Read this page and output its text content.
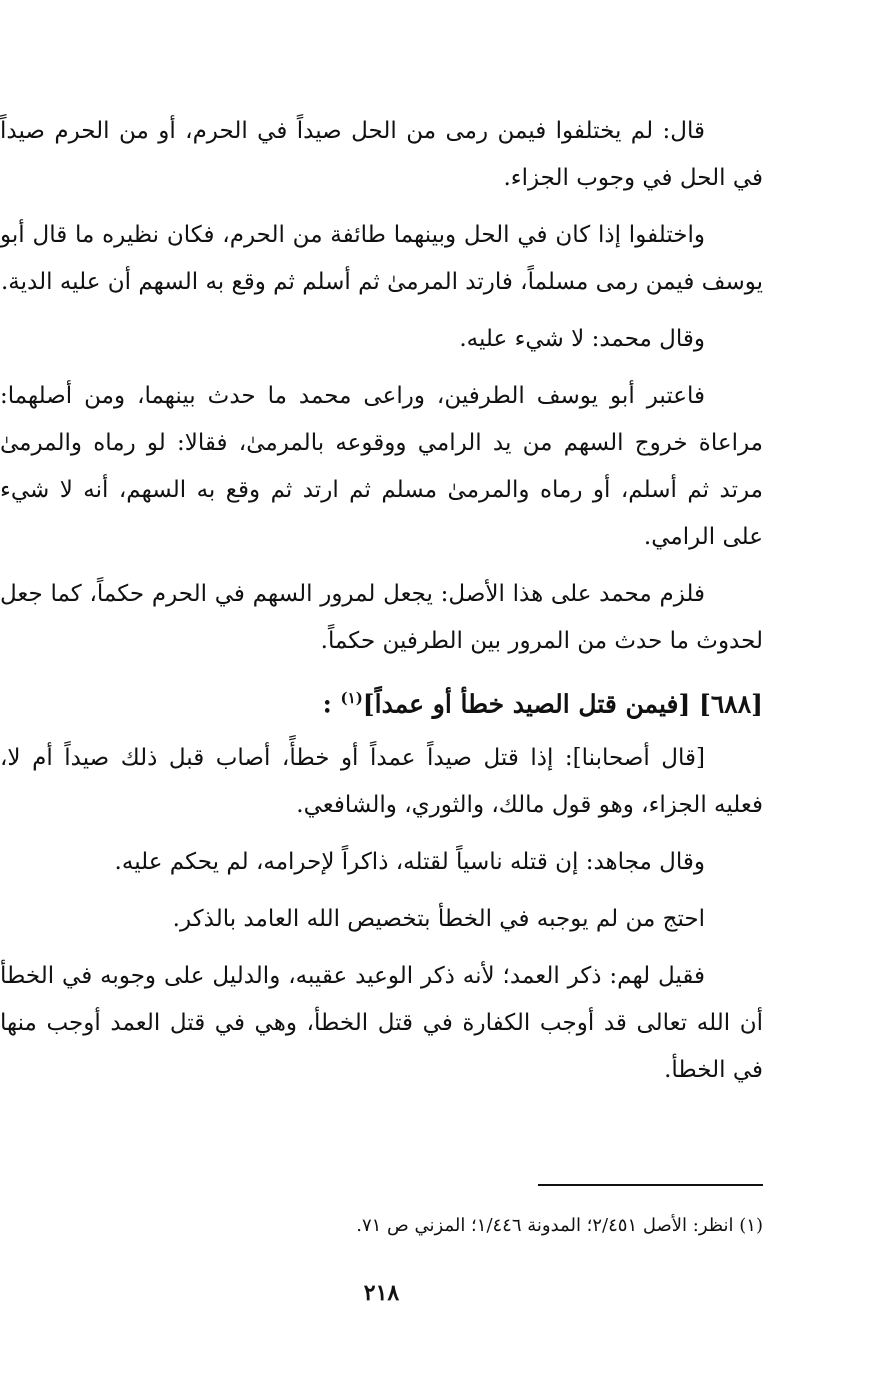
قال: لم يختلفوا فيمن رمى من الحل صيداً في الحرم، أو من الحرم صيداً في الحل في وجوب الجزاء.

واختلفوا إذا كان في الحل وبينهما طائفة من الحرم، فكان نظيره ما قال أبو يوسف فيمن رمى مسلماً، فارتد المرمىٰ ثم أسلم ثم وقع به السهم أن عليه الدية.

وقال محمد: لا شيء عليه.

فاعتبر أبو يوسف الطرفين، وراعى محمد ما حدث بينهما، ومن أصلهما: مراعاة خروج السهم من يد الرامي ووقوعه بالمرمىٰ، فقالا: لو رماه والمرمىٰ مرتد ثم أسلم، أو رماه والمرمىٰ مسلم ثم ارتد ثم وقع به السهم، أنه لا شيء على الرامي.

فلزم محمد على هذا الأصل: يجعل لمرور السهم في الحرم حكماً، كما جعل لحدوث ما حدث من المرور بين الطرفين حكماً.

[٦٨٨] [فيمن قتل الصيد خطأ أو عمداً]$^{(١)}$ :

[قال أصحابنا]: إذا قتل صيداً عمداً أو خطأً، أصاب قبل ذلك صيداً أم لا، فعليه الجزاء، وهو قول مالك، والثوري، والشافعي.

وقال مجاهد: إن قتله ناسياً لقتله، ذاكراً لإحرامه، لم يحكم عليه.

احتج من لم يوجبه في الخطأ بتخصيص الله العامد بالذكر.

فقيل لهم: ذكر العمد؛ لأنه ذكر الوعيد عقيبه، والدليل على وجوبه في الخطأ أن الله تعالى قد أوجب الكفارة في قتل الخطأ، وهي في قتل العمد أوجب منها في الخطأ.

(١) انظر: الأصل ٢/٤٥١؛ المدونة ١/٤٤٦؛ المزني ص ٧١.
٢١٨
